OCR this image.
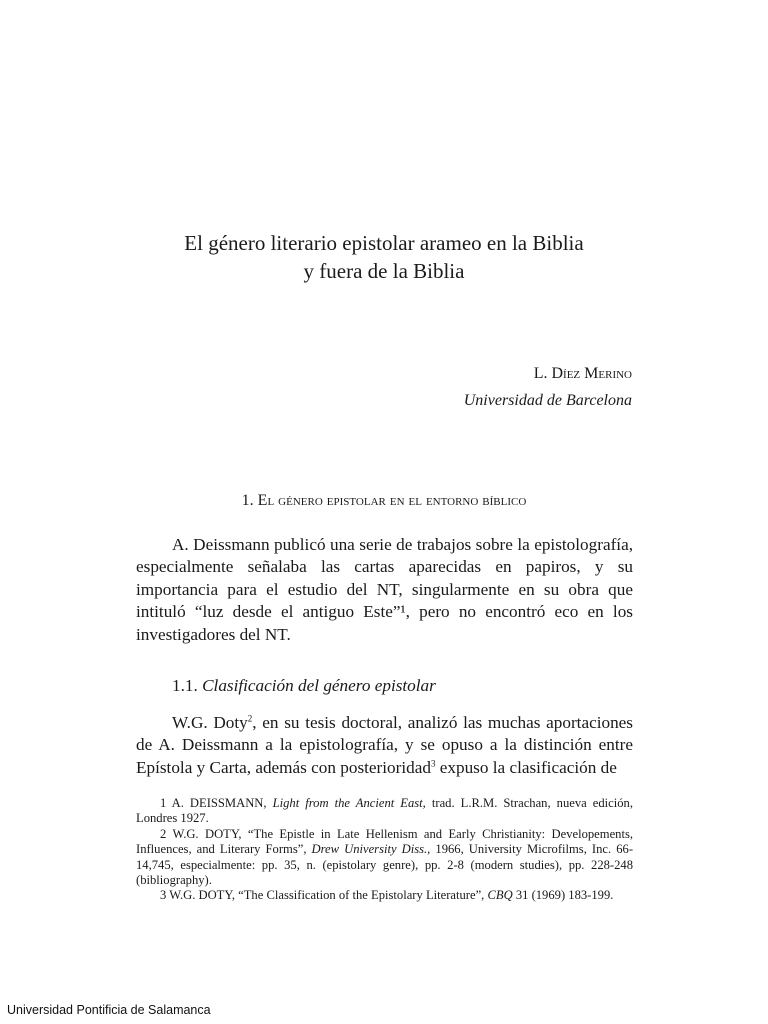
El género literario epistolar arameo en la Biblia
y fuera de la Biblia
L. Díez Merino
Universidad de Barcelona
1. El género epistolar en el entorno bíblico

A. Deissmann publicó una serie de trabajos sobre la epistolografía, especialmente señalaba las cartas aparecidas en papiros, y su importancia para el estudio del NT, singularmente en su obra que intituló “luz desde el antiguo Este”¹, pero no encontró eco en los investigadores del NT.

1.1. Clasificación del género epistolar

W.G. Doty$^2$, en su tesis doctoral, analizó las muchas aportaciones de A. Deissmann a la epistolografía, y se opuso a la distinción entre Epístola y Carta, además con posterioridad$^3$ expuso la clasificación de

1 A. DEISSMANN, Light from the Ancient East, trad. L.R.M. Strachan, nueva edición, Londres 1927.

2 W.G. DOTY, “The Epistle in Late Hellenism and Early Christianity: Developements, Influences, and Literary Forms”, Drew University Diss., 1966, University Microfilms, Inc. 66-14,745, especialmente: pp. 35, n. (epistolary genre), pp. 2-8 (modern studies), pp. 228-248 (bibliography).

3 W.G. DOTY, “The Classification of the Epistolary Literature”, CBQ 31 (1969) 183-199.

Universidad Pontificia de Salamanca
